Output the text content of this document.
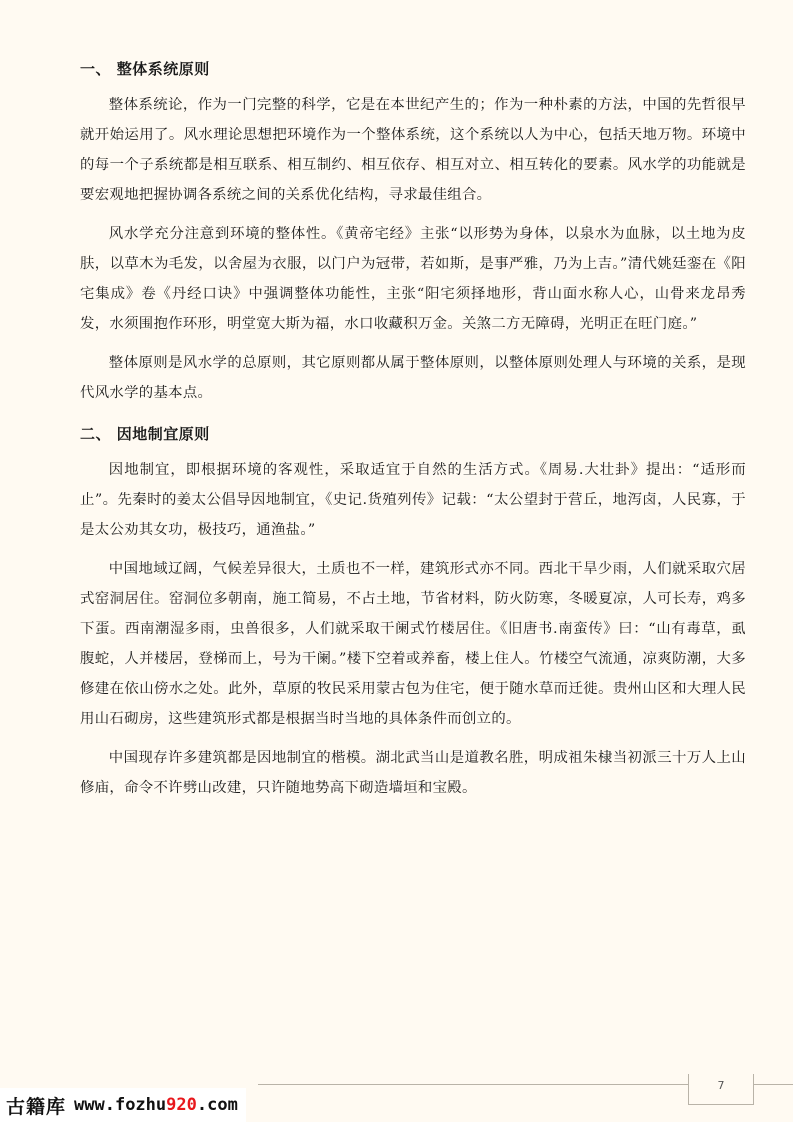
一、 整体系统原则

整体系统论，作为一门完整的科学，它是在本世纪产生的；作为一种朴素的方法，中国的先哲很早就开始运用了。风水理论思想把环境作为一个整体系统，这个系统以人为中心，包括天地万物。环境中的每一个子系统都是相互联系、相互制约、相互依存、相互对立、相互转化的要素。风水学的功能就是要宏观地把握协调各系统之间的关系优化结构，寻求最佳组合。

风水学充分注意到环境的整体性。《黄帝宅经》主张“以形势为身体，以泉水为血脉，以土地为皮肤，以草木为毛发，以舍屋为衣服，以门户为冠带，若如斯，是事严雅，乃为上吉。”清代姚廷銮在《阳宅集成》卷《丹经口诀》中强调整体功能性，主张“阳宅须择地形，背山面水称人心，山骨来龙昂秀发，水须围抱作环形，明堂宽大斯为福，水口收藏积万金。关煞二方无障碍，光明正在旺门庭。”

整体原则是风水学的总原则，其它原则都从属于整体原则，以整体原则处理人与环境的关系，是现代风水学的基本点。

二、 因地制宜原则

因地制宜，即根据环境的客观性，采取适宜于自然的生活方式。《周易.大壮卦》提出：“适形而止”。先秦时的姜太公倡导因地制宜，《史记.货殖列传》记载：“太公望封于营丘，地泻卤，人民寡，于是太公劝其女功，极技巧，通渔盐。”

中国地域辽阔，气候差异很大，土质也不一样，建筑形式亦不同。西北干旱少雨，人们就采取穴居式窑洞居住。窑洞位多朝南，施工简易，不占土地，节省材料，防火防寒，冬暖夏凉，人可长寿，鸡多下蛋。西南潮湿多雨，虫兽很多，人们就采取干阑式竹楼居住。《旧唐书.南蛮传》曰：“山有毒草，虱腹蛇，人并楼居，登梯而上，号为干阑。”楼下空着或养畜，楼上住人。竹楼空气流通，凉爽防潮，大多修建在依山傍水之处。此外，草原的牧民采用蒙古包为住宅，便于随水草而迁徙。贵州山区和大理人民用山石砌房，这些建筑形式都是根据当时当地的具体条件而创立的。

中国现存许多建筑都是因地制宜的楷模。湖北武当山是道教名胜，明成祖朱棣当初派三十万人上山修庙，命令不许劈山改建，只许随地势高下砌造墙垣和宝殿。

7
古籍库 www.fozhu920.com
